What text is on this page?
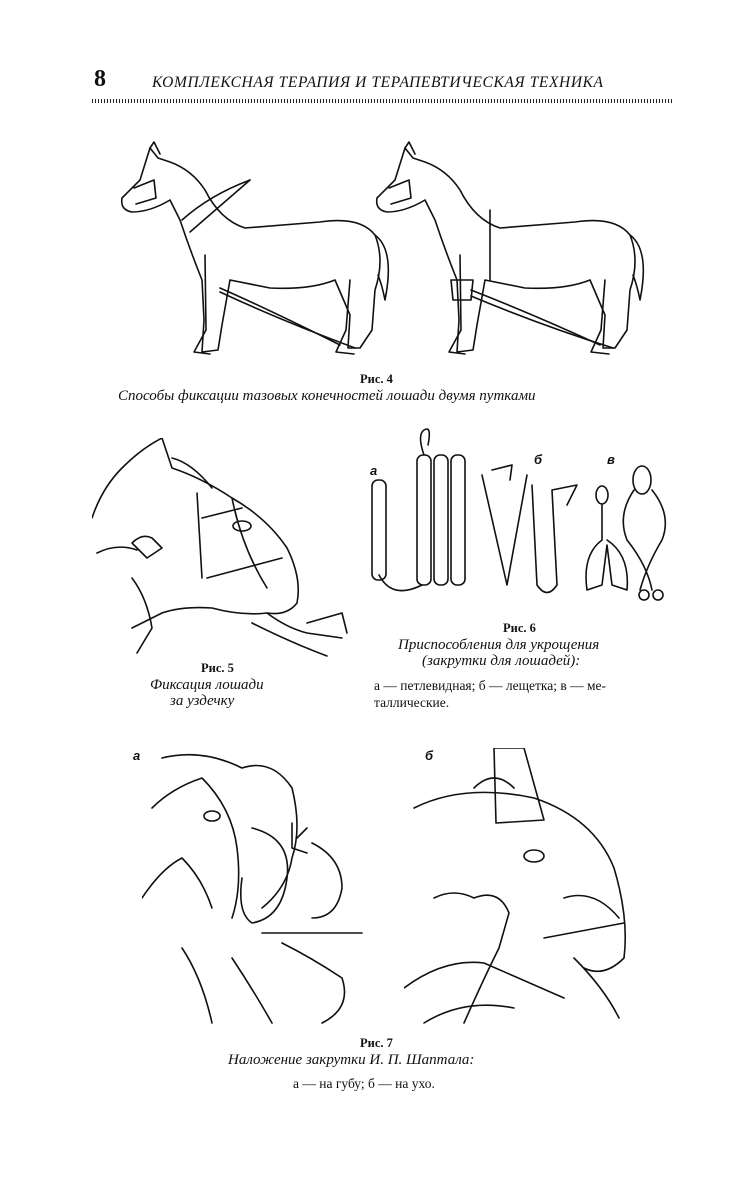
8	КОМПЛЕКСНАЯ ТЕРАПИЯ И ТЕРАПЕВТИЧЕСКАЯ ТЕХНИКА
Рис. 4
Способы фиксации тазовых конечностей лошади двумя путками
Рис. 5
Фиксация лошади
за уздечку
а
б	в
Рис. 6
Приспособления для укрощения
(закрутки для лошадей):
а — петлевидная; б — лещетка; в — ме-
таллические.
а	б
Рис. 7
Наложение закрутки И. П. Шаптала:
а — на губу; б — на ухо.
